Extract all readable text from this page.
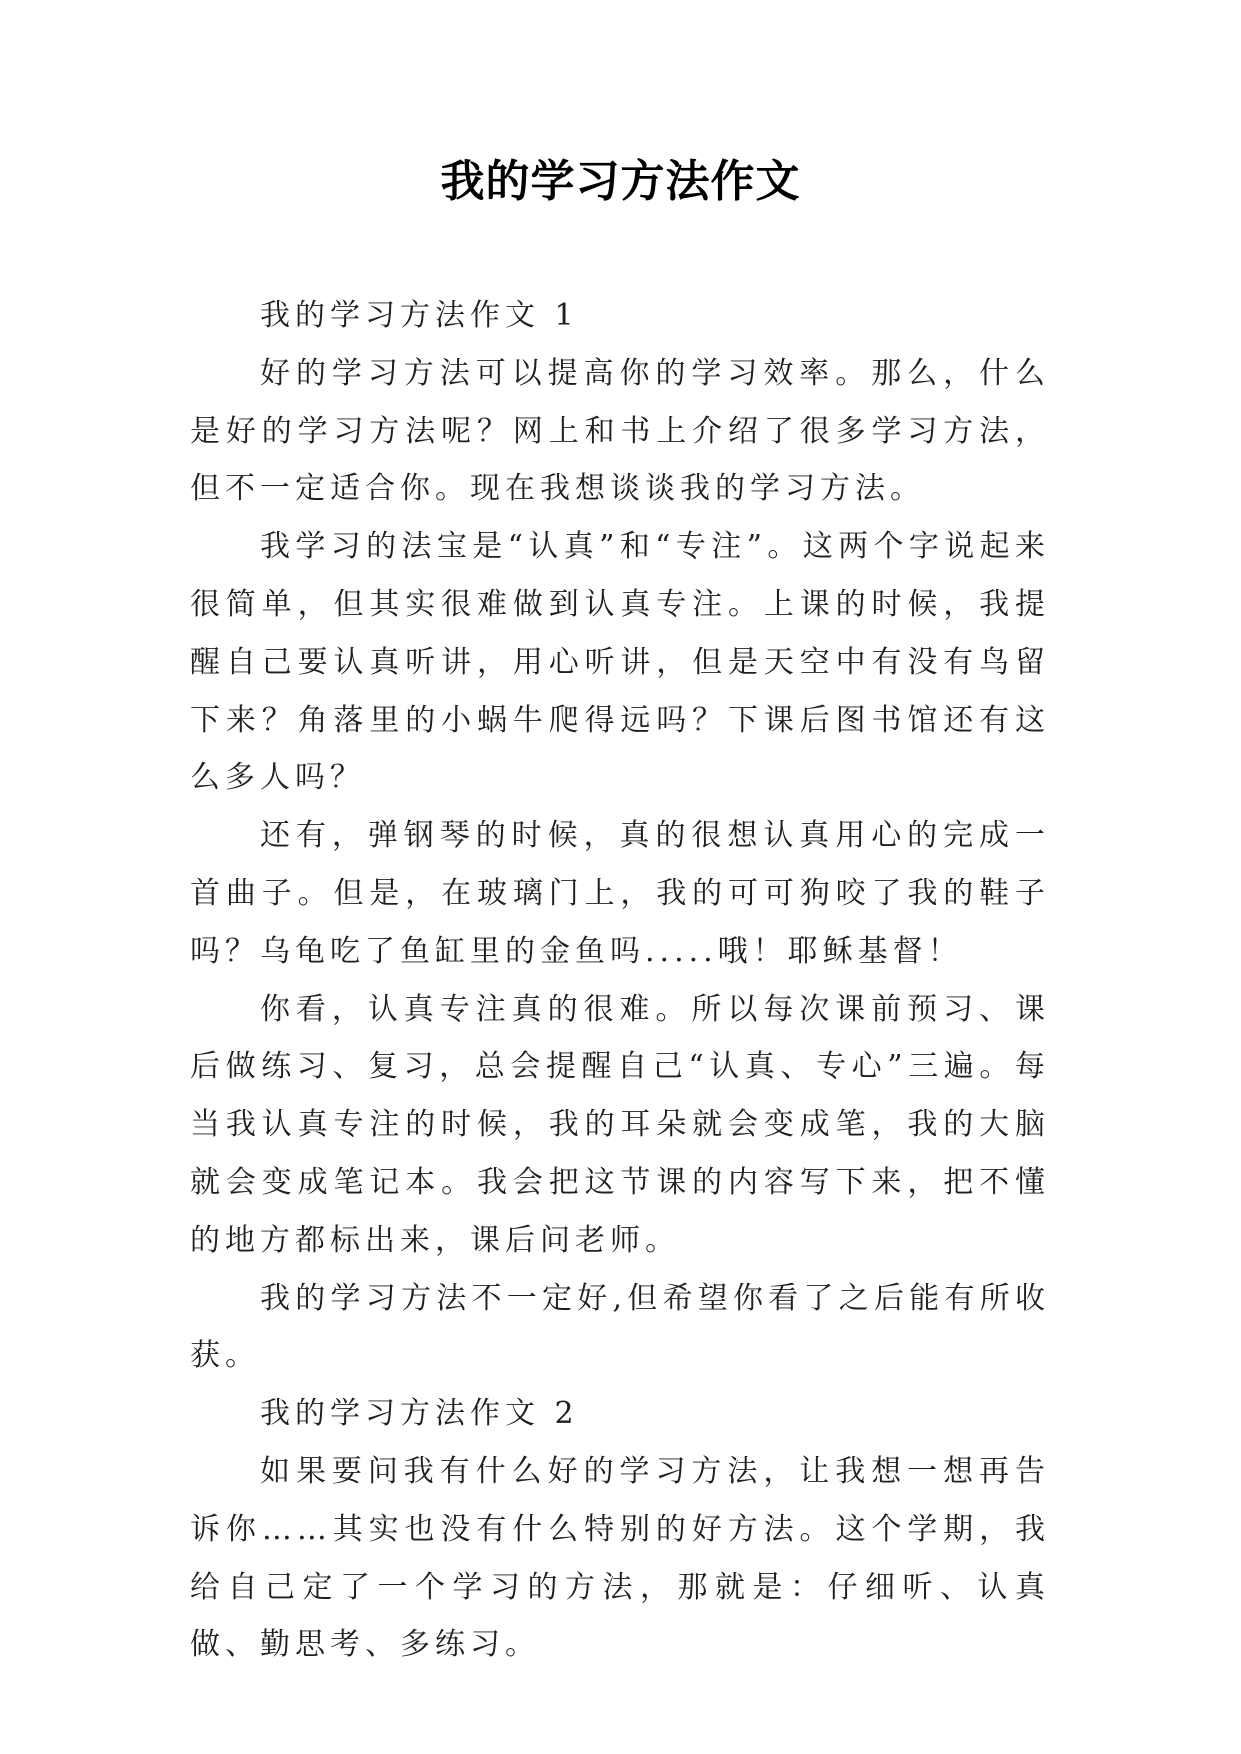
我的学习方法作文

我的学习方法作文 1

好的学习方法可以提高你的学习效率。那么，什么是好的学习方法呢？网上和书上介绍了很多学习方法，但不一定适合你。现在我想谈谈我的学习方法。

我学习的法宝是“认真”和“专注”。这两个字说起来很简单，但其实很难做到认真专注。上课的时候，我提醒自己要认真听讲，用心听讲，但是天空中有没有鸟留下来？角落里的小蜗牛爬得远吗？下课后图书馆还有这么多人吗？

还有，弹钢琴的时候，真的很想认真用心的完成一首曲子。但是，在玻璃门上，我的可可狗咬了我的鞋子吗？乌龟吃了鱼缸里的金鱼吗.....哦！耶稣基督！

你看，认真专注真的很难。所以每次课前预习、课后做练习、复习，总会提醒自己“认真、专心”三遍。每当我认真专注的时候，我的耳朵就会变成笔，我的大脑就会变成笔记本。我会把这节课的内容写下来，把不懂的地方都标出来，课后问老师。

我的学习方法不一定好,但希望你看了之后能有所收获。

我的学习方法作文 2

如果要问我有什么好的学习方法，让我想一想再告诉你……其实也没有什么特别的好方法。这个学期，我给自己定了一个学习的方法，那就是：仔细听、认真做、勤思考、多练习。
